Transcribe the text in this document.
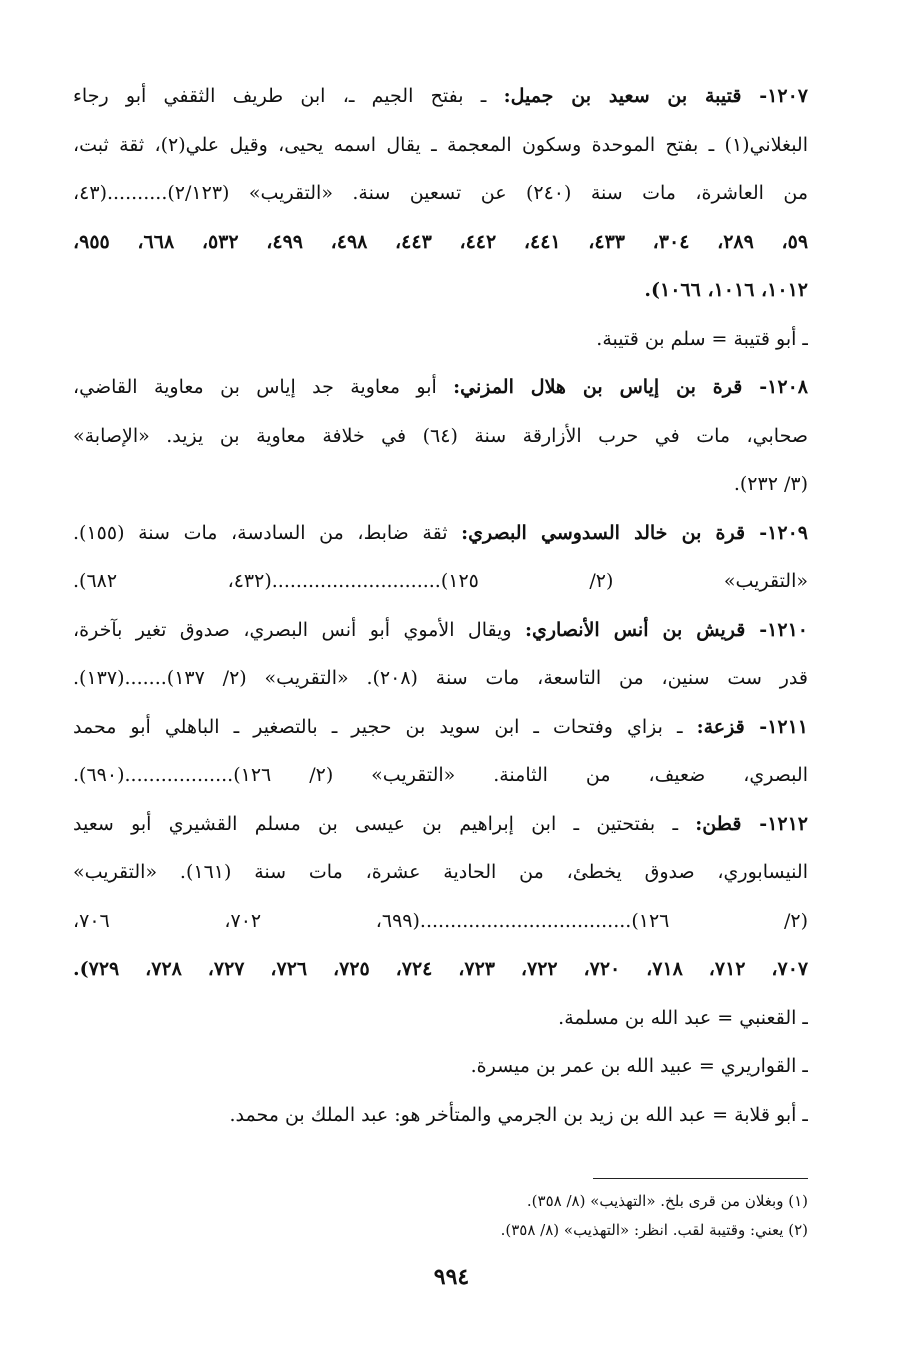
١٢٠٧- قتيبة بن سعيد بن جميل: ـ بفتح الجيم ـ، ابن طريف الثقفي أبو رجاء
البغلاني(١) ـ بفتح الموحدة وسكون المعجمة ـ يقال اسمه يحيى، وقيل علي(٢)، ثقة ثبت،
من العاشرة، مات سنة (٢٤٠) عن تسعين سنة. «التقريب» (٢/١٢٣)..........(٤٣،
٥٩، ٢٨٩، ٣٠٤، ٤٣٣، ٤٤١، ٤٤٢، ٤٤٣، ٤٩٨، ٤٩٩، ٥٣٢، ٦٦٨، ٩٥٥،
١٠١٢، ١٠١٦، ١٠٦٦).
ـ أبو قتيبة = سلم بن قتيبة.
١٢٠٨- قرة بن إياس بن هلال المزني: أبو معاوية جد إياس بن معاوية القاضي،
صحابي، مات في حرب الأزارقة سنة (٦٤) في خلافة معاوية بن يزيد. «الإصابة»
(٣/ ٢٣٢).
١٢٠٩- قرة بن خالد السدوسي البصري: ثقة ضابط، من السادسة، مات سنة (١٥٥).
«التقريب» (٢/ ١٢٥)............................(٤٣٢، ٦٨٢).
١٢١٠- قريش بن أنس الأنصاري: ويقال الأموي أبو أنس البصري، صدوق تغير بآخرة،
قدر ست سنين، من التاسعة، مات سنة (٢٠٨). «التقريب» (٢/ ١٣٧).......(١٣٧).
١٢١١- قزعة: ـ بزاي وفتحات ـ ابن سويد بن حجير ـ بالتصغير ـ الباهلي أبو محمد
البصري، ضعيف، من الثامنة. «التقريب» (٢/ ١٢٦)..................(٦٩٠).
١٢١٢- قطن: ـ بفتحتين ـ ابن إبراهيم بن عيسى بن مسلم القشيري أبو سعيد
النيسابوري، صدوق يخطئ، من الحادية عشرة، مات سنة (١٦١). «التقريب»
(٢/ ١٢٦)...................................(٦٩٩، ٧٠٢، ٧٠٦،
٧٠٧، ٧١٢، ٧١٨، ٧٢٠، ٧٢٢، ٧٢٣، ٧٢٤، ٧٢٥، ٧٢٦، ٧٢٧، ٧٢٨، ٧٢٩).
ـ القعنبي = عبد الله بن مسلمة.
ـ القواريري = عبيد الله بن عمر بن ميسرة.
ـ أبو قلابة = عبد الله بن زيد بن الجرمي والمتأخر هو: عبد الملك بن محمد.
(١) وبغلان من قرى بلخ. «التهذيب» (٨/ ٣٥٨).
(٢) يعني: وقتيبة لقب. انظر: «التهذيب» (٨/ ٣٥٨).
٩٩٤
